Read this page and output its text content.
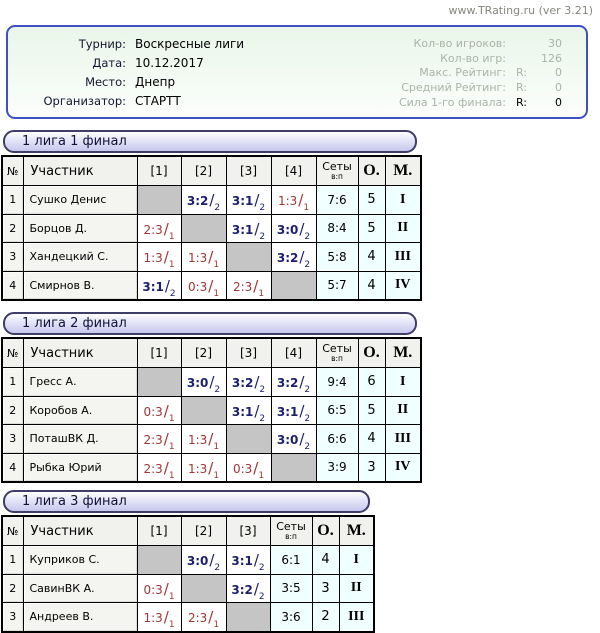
www.TRating.ru (ver 3.21)
Турнир: Воскресные лиги
Дата: 10.12.2017
Место: Днепр
Организатор: СТАРТТ
Кол-во игроков:	30
Кол-во игр:	126
Макс. Рейтинг: R:	0
Средний Рейтинг: R:	0
Сила 1-го финала: R:	0
1 лига 1 финал
№	Участник	[1]	[2]	[3]	[4]	Сеты
в:п	О.	М.
1	Сушко Денис		$3:2/_2$	$3:1/_2$	$1:3/_1$	7:6	5	I
2	Борцов Д.	$2:3/_1$		$3:1/_2$	$3:0/_2$	8:4	5	II
3	Хандецкий С.	$1:3/_1$	$1:3/_1$		$3:2/_2$	5:8	4	III
4	Смирнов В.	$3:1/_2$	$0:3/_1$	$2:3/_1$		5:7	4	IV
1 лига 2 финал
№	Участник	[1]	[2]	[3]	[4]	Сеты
в:п	О.	М.
1	Гресс А.		$3:0/_2$	$3:2/_2$	$3:2/_2$	9:4	6	I
2	Коробов А.	$0:3/_1$		$3:1/_2$	$3:1/_2$	6:5	5	II
3	ПоташВК Д.	$2:3/_1$	$1:3/_1$		$3:0/_2$	6:6	4	III
4	Рыбка Юрий	$2:3/_1$	$1:3/_1$	$0:3/_1$		3:9	3	IV
1 лига 3 финал
№	Участник	[1]	[2]	[3]	Сеты
в:п	О.	М.
1	Куприков С.		$3:0/_2$	$3:1/_2$	6:1	4	I
2	СавинВК А.	$0:3/_1$		$3:2/_2$	3:5	3	II
3	Андреев В.	$1:3/_1$	$2:3/_1$		3:6	2	III
